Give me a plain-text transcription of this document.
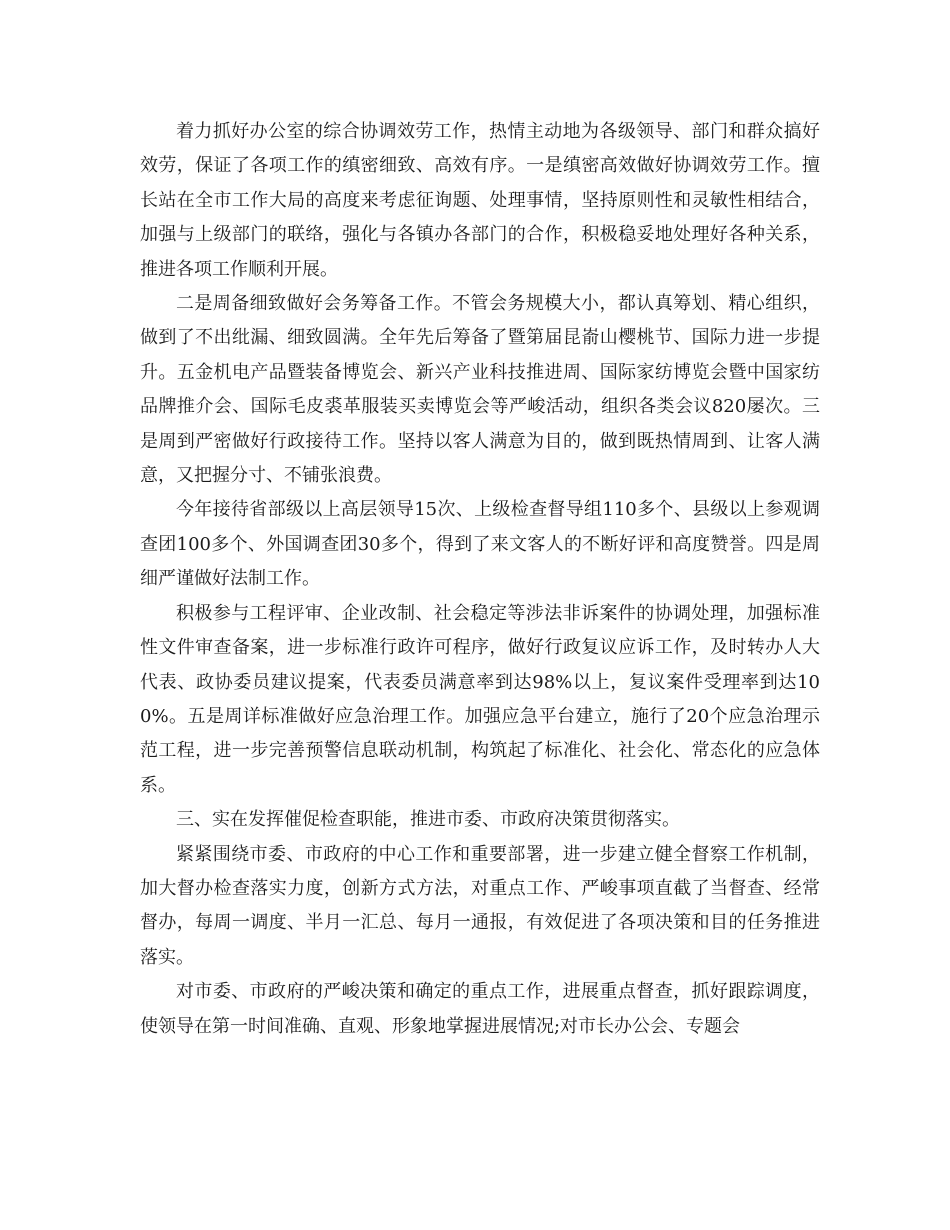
着力抓好办公室的综合协调效劳工作，热情主动地为各级领导、部门和群众搞好效劳，保证了各项工作的缜密细致、高效有序。一是缜密高效做好协调效劳工作。擅长站在全市工作大局的高度来考虑征询题、处理事情，坚持原则性和灵敏性相结合，加强与上级部门的联络，强化与各镇办各部门的合作，积极稳妥地处理好各种关系，推进各项工作顺利开展。

二是周备细致做好会务筹备工作。不管会务规模大小，都认真筹划、精心组织，做到了不出纰漏、细致圆满。全年先后筹备了暨第届昆嵛山樱桃节、国际力进一步提升。五金机电产品暨装备博览会、新兴产业科技推进周、国际家纺博览会暨中国家纺品牌推介会、国际毛皮裘革服装买卖博览会等严峻活动，组织各类会议820屡次。三是周到严密做好行政接待工作。坚持以客人满意为目的，做到既热情周到、让客人满意，又把握分寸、不铺张浪费。

今年接待省部级以上高层领导15次、上级检查督导组110多个、县级以上参观调查团100多个、外国调查团30多个，得到了来文客人的不断好评和高度赞誉。四是周细严谨做好法制工作。

积极参与工程评审、企业改制、社会稳定等涉法非诉案件的协调处理，加强标准性文件审查备案，进一步标准行政许可程序，做好行政复议应诉工作，及时转办人大代表、政协委员建议提案，代表委员满意率到达98%以上，复议案件受理率到达100%。五是周详标准做好应急治理工作。加强应急平台建立，施行了20个应急治理示范工程，进一步完善预警信息联动机制，构筑起了标准化、社会化、常态化的应急体系。

三、实在发挥催促检查职能，推进市委、市政府决策贯彻落实。

紧紧围绕市委、市政府的中心工作和重要部署，进一步建立健全督察工作机制，加大督办检查落实力度，创新方式方法，对重点工作、严峻事项直截了当督查、经常督办，每周一调度、半月一汇总、每月一通报，有效促进了各项决策和目的任务推进落实。

对市委、市政府的严峻决策和确定的重点工作，进展重点督查，抓好跟踪调度，使领导在第一时间准确、直观、形象地掌握进展情况;对市长办公会、专题会
